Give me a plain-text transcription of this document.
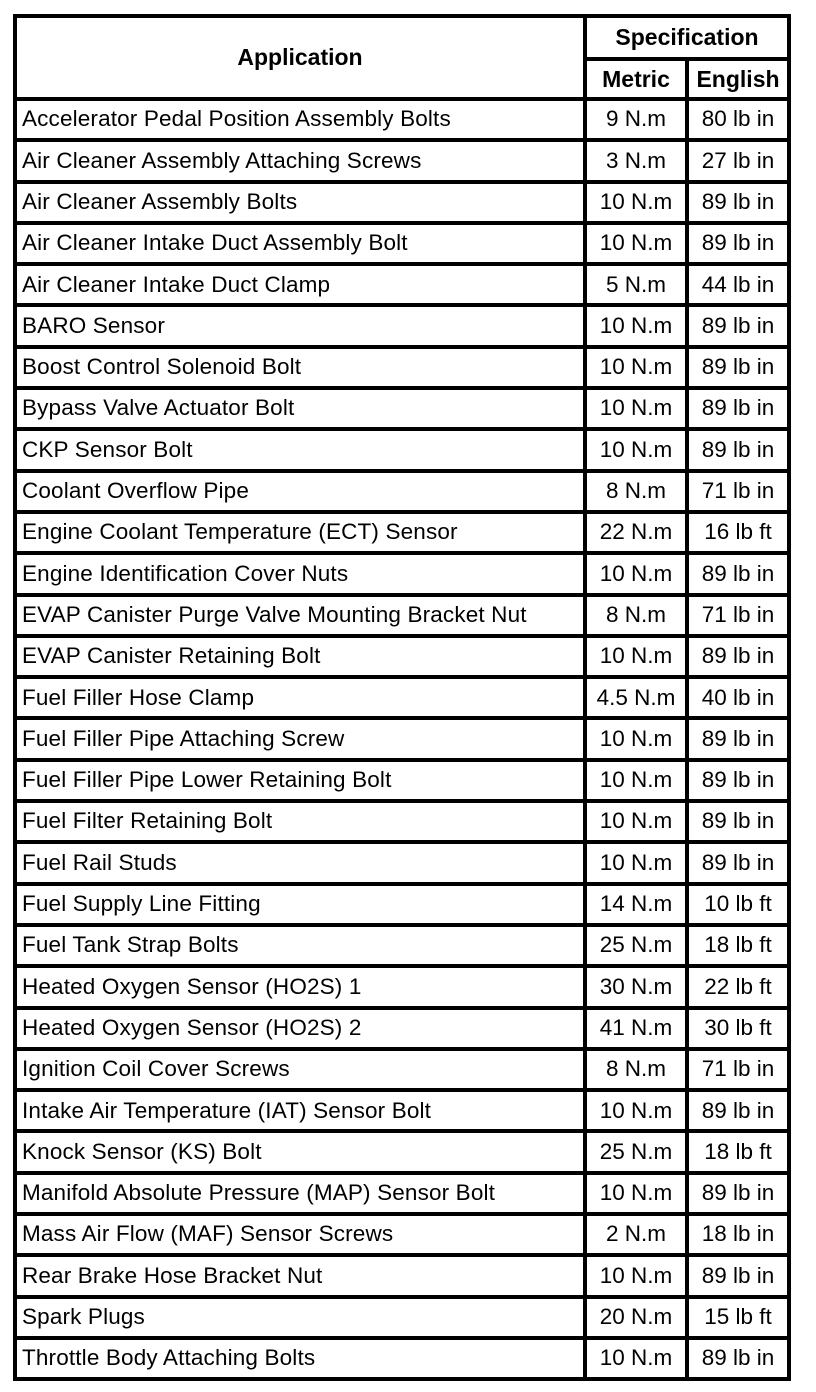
Application	Specification	
	Metric	English
Accelerator Pedal Position Assembly Bolts	9 N.m	80 lb in
Air Cleaner Assembly Attaching Screws	3 N.m	27 lb in
Air Cleaner Assembly Bolts	10 N.m	89 lb in
Air Cleaner Intake Duct Assembly Bolt	10 N.m	89 lb in
Air Cleaner Intake Duct Clamp	5 N.m	44 lb in
BARO Sensor	10 N.m	89 lb in
Boost Control Solenoid Bolt	10 N.m	89 lb in
Bypass Valve Actuator Bolt	10 N.m	89 lb in
CKP Sensor Bolt	10 N.m	89 lb in
Coolant Overflow Pipe	8 N.m	71 lb in
Engine Coolant Temperature (ECT) Sensor	22 N.m	16 lb ft
Engine Identification Cover Nuts	10 N.m	89 lb in
EVAP Canister Purge Valve Mounting Bracket Nut	8 N.m	71 lb in
EVAP Canister Retaining Bolt	10 N.m	89 lb in
Fuel Filler Hose Clamp	4.5 N.m	40 lb in
Fuel Filler Pipe Attaching Screw	10 N.m	89 lb in
Fuel Filler Pipe Lower Retaining Bolt	10 N.m	89 lb in
Fuel Filter Retaining Bolt	10 N.m	89 lb in
Fuel Rail Studs	10 N.m	89 lb in
Fuel Supply Line Fitting	14 N.m	10 lb ft
Fuel Tank Strap Bolts	25 N.m	18 lb ft
Heated Oxygen Sensor (HO2S) 1	30 N.m	22 lb ft
Heated Oxygen Sensor (HO2S) 2	41 N.m	30 lb ft
Ignition Coil Cover Screws	8 N.m	71 lb in
Intake Air Temperature (IAT) Sensor Bolt	10 N.m	89 lb in
Knock Sensor (KS) Bolt	25 N.m	18 lb ft
Manifold Absolute Pressure (MAP) Sensor Bolt	10 N.m	89 lb in
Mass Air Flow (MAF) Sensor Screws	2 N.m	18 lb in
Rear Brake Hose Bracket Nut	10 N.m	89 lb in
Spark Plugs	20 N.m	15 lb ft
Throttle Body Attaching Bolts	10 N.m	89 lb in
